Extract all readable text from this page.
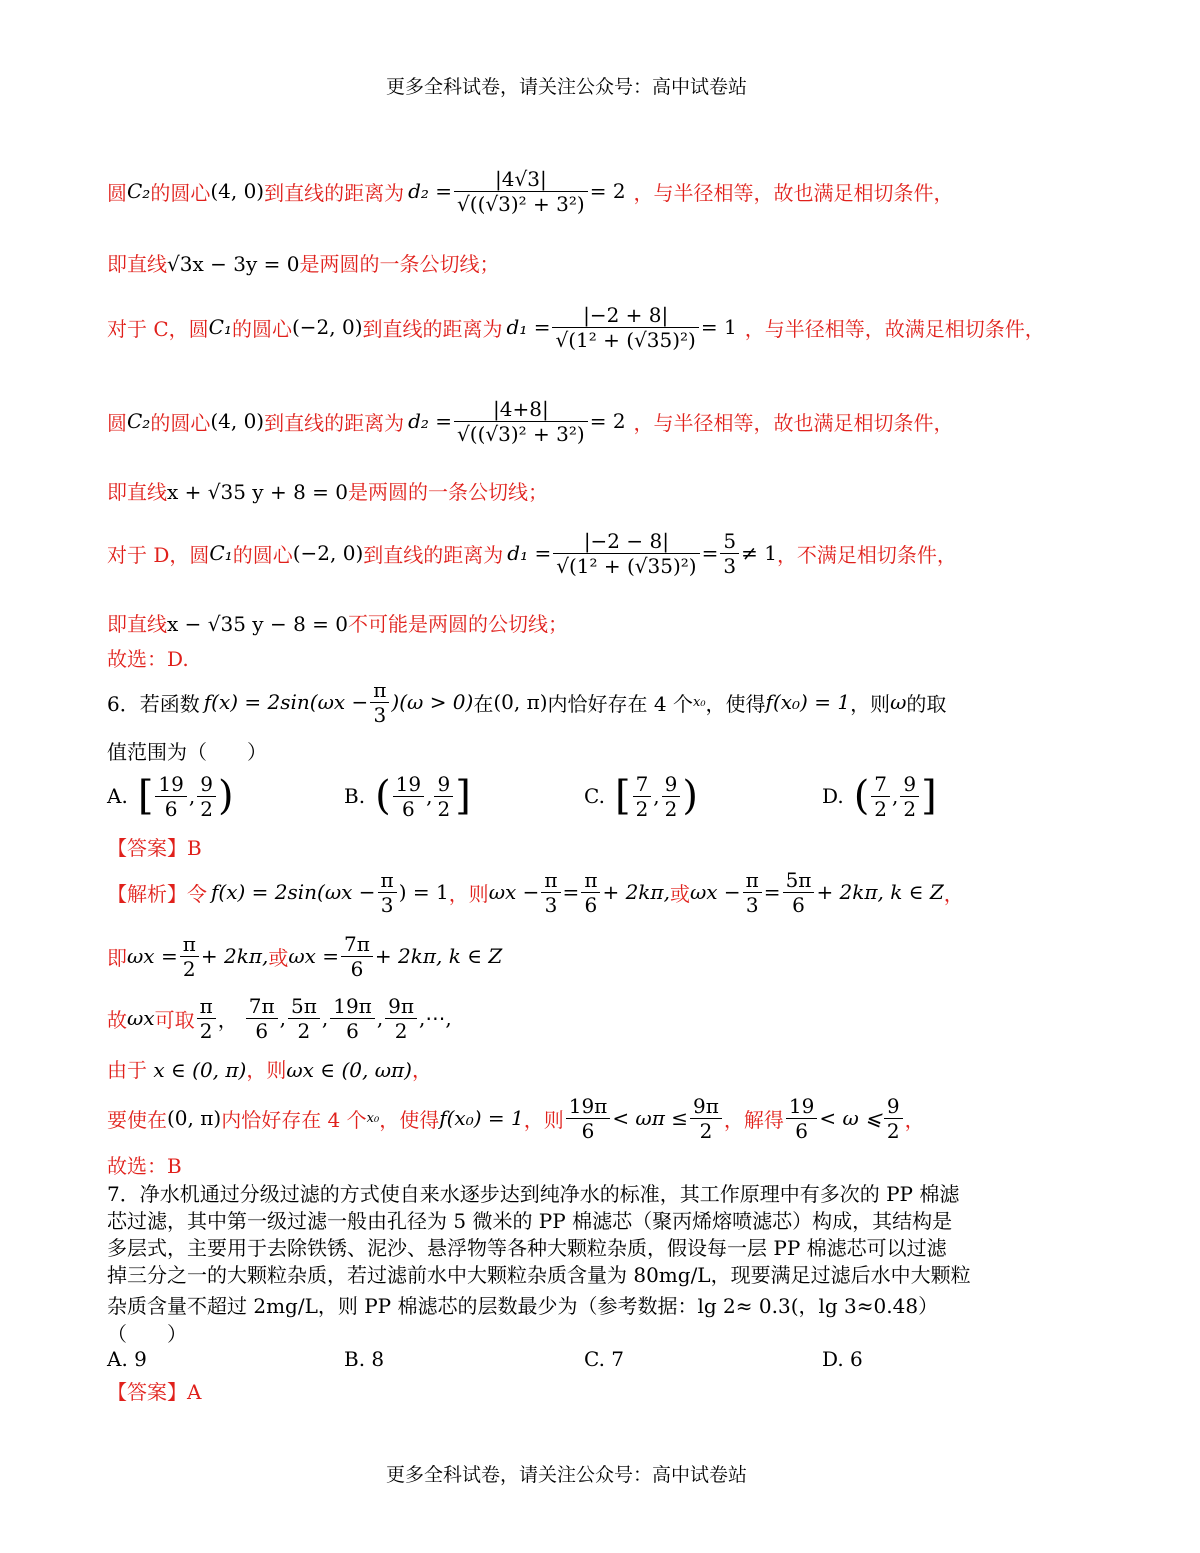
更多全科试卷，请关注公众号：高中试卷站
圆 C₂ 的圆心 (4, 0) 到直线的距离为 $d_2 = \frac{|4√3|}{\text{√((√3)² + 3²)}} = 2$ ，与半径相等，故也满足相切条件，
即直线√3x − 3y = 0是两圆的一条公切线；
对于 C，圆 C₁ 的圆心 (−2, 0) 到直线的距离为 $d_1 = \frac{|-2 + 8|}{\text{√(1² + (√35)²)}} = 1$ ，与半径相等，故满足相切条件，
圆 C₂ 的圆心 (4, 0) 到直线的距离为 $d_2 = \frac{|4+8|}{\text{√((√3)² + 3²)}} = 2$ ，与半径相等，故也满足相切条件，
即直线x + √35 y + 8 = 0是两圆的一条公切线；
对于 D，圆 C₁ 的圆心 (−2, 0) 到直线的距离为 $d_1 = \frac{|-2 - 8|}{\text{√(1² + (√35)²)}} = \frac{5}{3} \ne 1$ ，不满足相切条件，
即直线x − √35 y − 8 = 0不可能是两圆的公切线；
故选：D.
6．若函数 $f(x) = 2\sin(\omega x - \frac{\pi}{3} )(\omega > 0)$ 在 (0, π) 内恰好存在 4 个 x₀ ，使得 f(x₀) = 1 ，则 ω 的取
值范围为（　　）
A. [ $\frac{19}{6}$ , $\frac{9}{2}$ )	B. ( $\frac{19}{6}$ , $\frac{9}{2}$ ]	C. [ $\frac{7}{2}$ , $\frac{9}{2}$ )	D. ( $\frac{7}{2}$ , $\frac{9}{2}$ ]
【答案】B
【解析】令 $f(x) = 2\sin(\omega x - \frac{\pi}{3}$ ) = 1 ，则 $\omega x - \frac{\pi}{3} = \frac{\pi}{6} + 2k\pi$, 或 $\omega x - \frac{\pi}{3} = \frac{5\pi}{6} + 2k\pi$, k ∈ Z ，
即 $\omega x = \frac{\pi}{2} + 2k\pi$, 或 $\omega x = \frac{7\pi}{6} + 2k\pi$, k ∈ Z
故 ωx 可取 $\frac{\pi}{2}$ ， $\frac{7\pi}{6}$ , $\frac{5\pi}{2}$ , $\frac{19\pi}{6}$ , $\frac{9\pi}{2}$ ,⋯,
由于 x ∈ (0, π)，则ωx ∈ (0, ωπ)，
要使在 (0, π) 内恰好存在 4 个 x₀ ，使得 f(x₀) = 1 ，则 $\frac{19\pi}{6} < \omega\pi \le \frac{9\pi}{2}$ ，解得 $\frac{19}{6} < \omega$ ⩽ $\frac{9}{2}$ ，
故选：B
7．净水机通过分级过滤的方式使自来水逐步达到纯净水的标准，其工作原理中有多次的 PP 棉滤
芯过滤，其中第一级过滤一般由孔径为 5 微米的 PP 棉滤芯（聚丙烯熔喷滤芯）构成，其结构是
多层式，主要用于去除铁锈、泥沙、悬浮物等各种大颗粒杂质，假设每一层 PP 棉滤芯可以过滤
掉三分之一的大颗粒杂质，若过滤前水中大颗粒杂质含量为 80mg/L，现要满足过滤后水中大颗粒
杂质含量不超过 2mg/L，则 PP 棉滤芯的层数最少为（参考数据：lg 2≈ 0.3(，lg 3≈0.48）
（　　）
A. 9	B. 8	C. 7	D. 6
【答案】A
更多全科试卷，请关注公众号：高中试卷站
